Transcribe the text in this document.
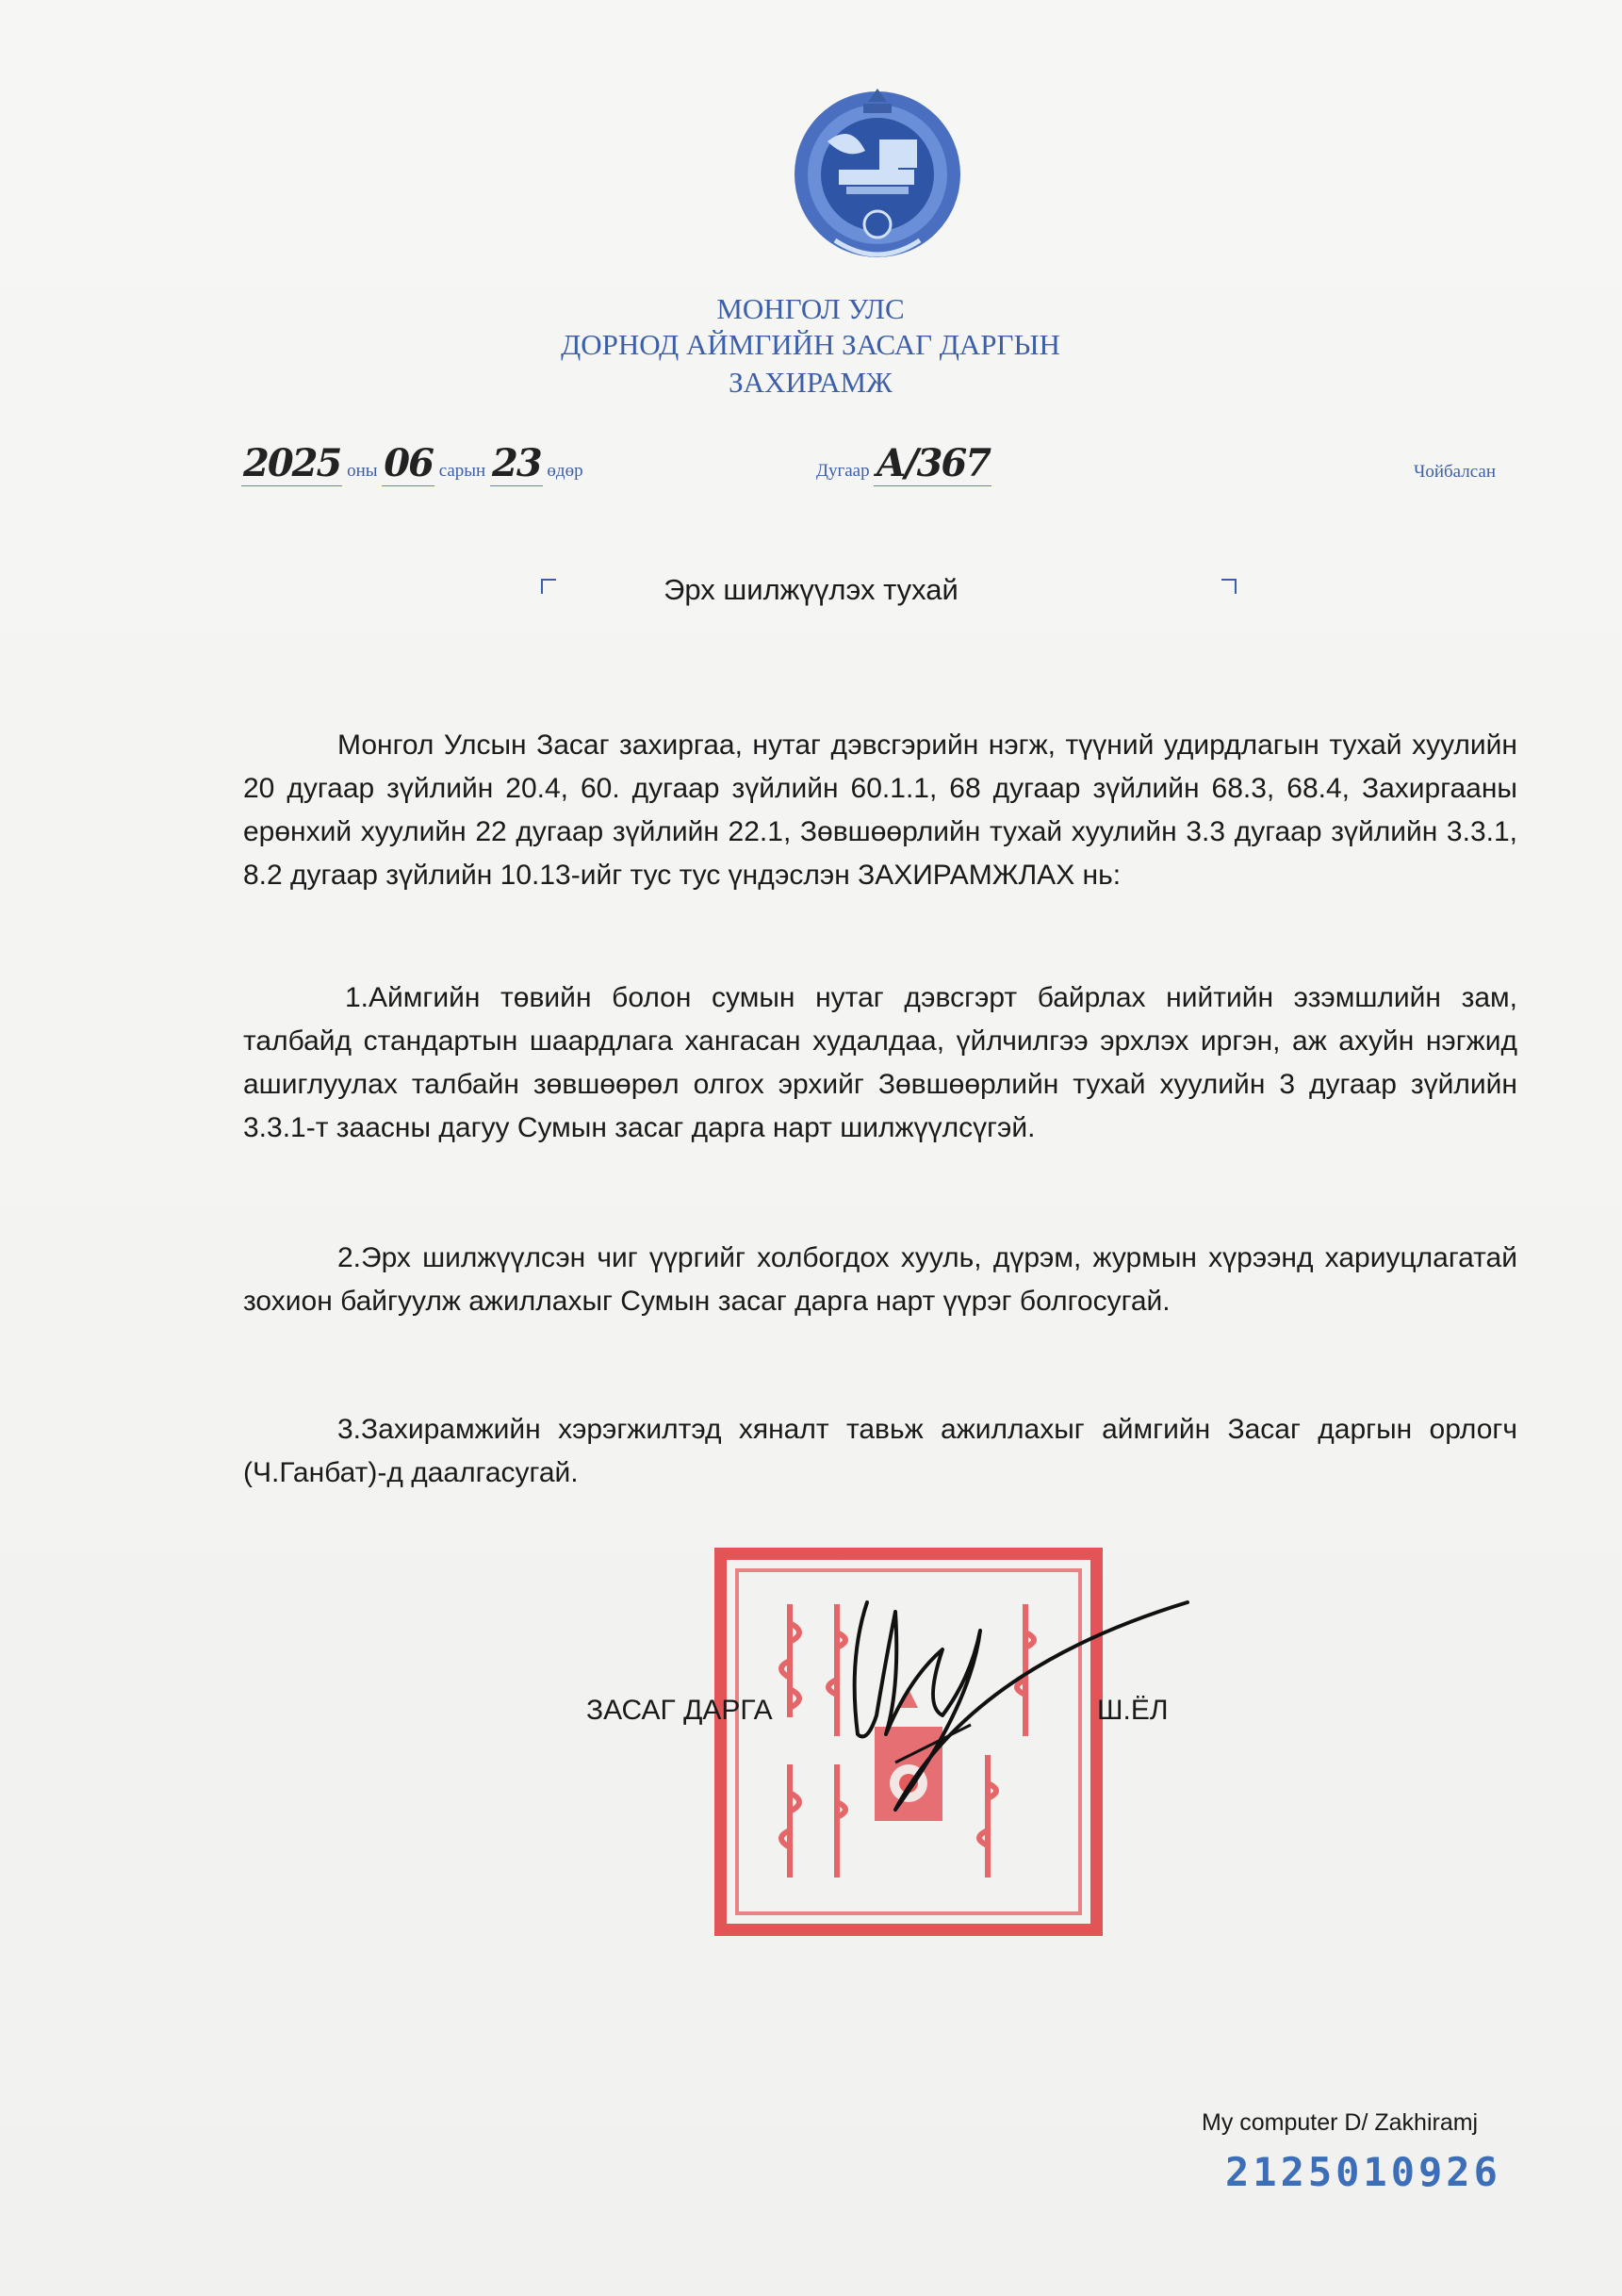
МОНГОЛ УЛС
ДОРНОД АЙМГИЙН ЗАСАГ ДАРГЫН
ЗАХИРАМЖ
2025 оны 06 сарын 23 өдөр	Дугаар А/367	Чойбалсан
Эрх шилжүүлэх тухай

Монгол Улсын Засаг захиргаа, нутаг дэвсгэрийн нэгж, түүний удирдлагын тухай хуулийн 20 дугаар зүйлийн 20.4, 60. дугаар зүйлийн 60.1.1, 68 дугаар зүйлийн 68.3, 68.4, Захиргааны ерөнхий хуулийн 22 дугаар зүйлийн 22.1, Зөвшөөрлийн тухай хуулийн 3.3 дугаар зүйлийн 3.3.1, 8.2 дугаар зүйлийн 10.13-ийг тус тус үндэслэн ЗАХИРАМЖЛАХ нь:

1.Аймгийн төвийн болон сумын нутаг дэвсгэрт байрлах нийтийн эзэмшлийн зам, талбайд стандартын шаардлага хангасан худалдаа, үйлчилгээ эрхлэх иргэн, аж ахуйн нэгжид ашиглуулах талбайн зөвшөөрөл олгох эрхийг Зөвшөөрлийн тухай хуулийн 3 дугаар зүйлийн 3.3.1-т заасны дагуу Сумын засаг дарга нарт шилжүүлсүгэй.

2.Эрх шилжүүлсэн чиг үүргийг холбогдох хууль, дүрэм, журмын хүрээнд хариуцлагатай зохион байгуулж ажиллахыг Сумын засаг дарга нарт үүрэг болгосугай.

3.Захирамжийн хэрэгжилтэд хяналт тавьж ажиллахыг аймгийн Засаг даргын орлогч (Ч.Ганбат)-д даалгасугай.

ЗАСАГ ДАРГА	Ш.ЁЛ
My computer D/ Zakhiramj
2125010926
